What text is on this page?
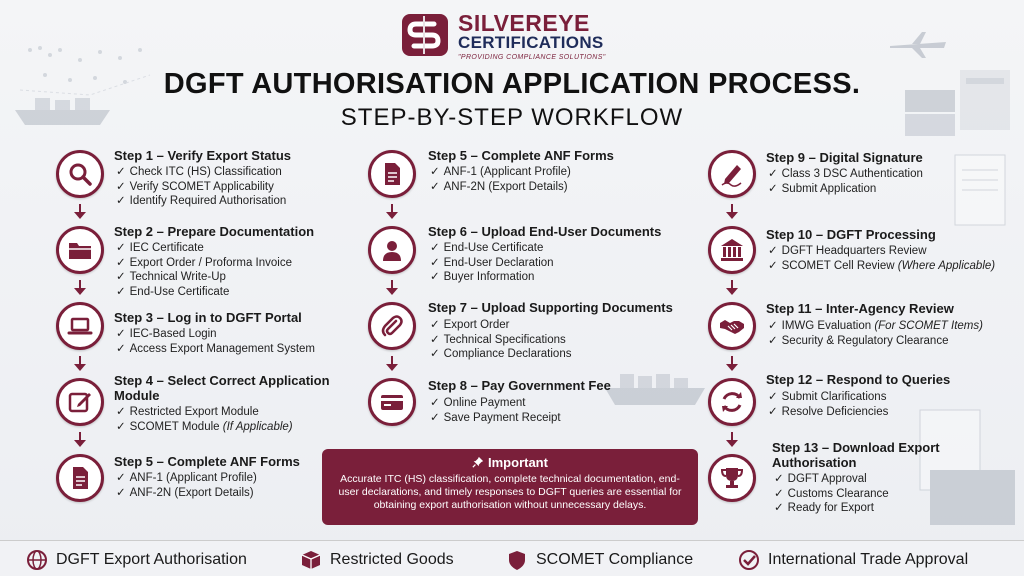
SILVEREYE
CERTIFICATIONS
"PROVIDING COMPLIANCE SOLUTIONS"
DGFT AUTHORISATION APPLICATION PROCESS.
STEP-BY-STEP WORKFLOW
Step 1 – Verify Export Status
✓ Check ITC (HS) Classification
✓ Verify SCOMET Applicability
✓ Identify Required Authorisation
Step 2 – Prepare Documentation
✓ IEC Certificate
✓ Export Order / Proforma Invoice
✓ Technical Write-Up
✓ End-Use Certificate
Step 3 – Log in to DGFT Portal
✓ IEC-Based Login
✓ Access Export Management System
Step 4 – Select Correct Application Module
✓ Restricted Export Module
✓ SCOMET Module (If Applicable)
Step 5 – Complete ANF Forms
✓ ANF-1 (Applicant Profile)
✓ ANF-2N (Export Details)
Step 5 – Complete ANF Forms
✓ ANF-1 (Applicant Profile)
✓ ANF-2N (Export Details)
Step 6 – Upload End-User Documents
✓ End-Use Certificate
✓ End-User Declaration
✓ Buyer Information
Step 7 – Upload Supporting Documents
✓ Export Order
✓ Technical Specifications
✓ Compliance Declarations
Step 8 – Pay Government Fee
✓ Online Payment
✓ Save Payment Receipt
Step 9 – Digital Signature
✓ Class 3 DSC Authentication
✓ Submit Application
Step 10 – DGFT Processing
✓ DGFT Headquarters Review
✓ SCOMET Cell Review (Where Applicable)
Step 11 – Inter-Agency Review
✓ IMWG Evaluation (For SCOMET Items)
✓ Security & Regulatory Clearance
Step 12 – Respond to Queries
✓ Submit Clarifications
✓ Resolve Deficiencies
Step 13 – Download Export Authorisation
✓ DGFT Approval
✓ Customs Clearance
✓ Ready for Export
Important
Accurate ITC (HS) classification, complete technical documentation, end-user declarations, and timely responses to DGFT queries are essential for obtaining export authorisation without unnecessary delays.
DGFT Export Authorisation	Restricted Goods	SCOMET Compliance	International Trade Approval
